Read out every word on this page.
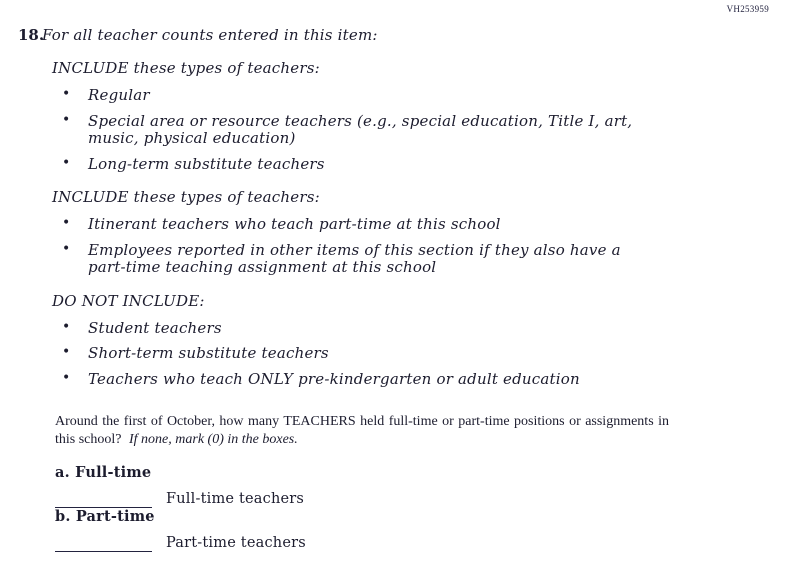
VH253959
18.
For all teacher counts entered in this item:
INCLUDE these types of teachers:
• Regular
• Special area or resource teachers (e.g., special education, Title I, art, music, physical education)
• Long-term substitute teachers
INCLUDE these types of teachers:
• Itinerant teachers who teach part-time at this school
• Employees reported in other items of this section if they also have a part-time teaching assignment at this school
DO NOT INCLUDE:
• Student teachers
• Short-term substitute teachers
• Teachers who teach ONLY pre-kindergarten or adult education
Around the first of October, how many TEACHERS held full-time or part-time positions or assignments in this school? If none, mark (0) in the boxes.
a. Full-time
Full-time teachers
b. Part-time
Part-time teachers
